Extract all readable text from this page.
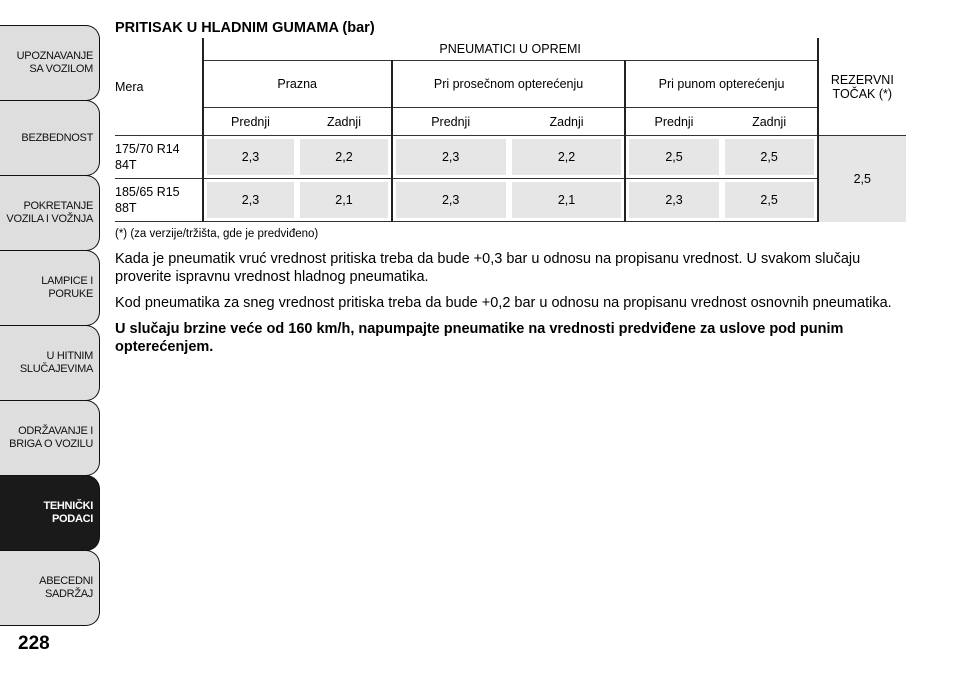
UPOZNAVANJE SA VOZILOM
BEZBEDNOST
POKRETANJE VOZILA I VOŽNJA
LAMPICE I PORUKE
U HITNIM SLUČAJEVIMA
ODRŽAVANJE I BRIGA O VOZILU
TEHNIČKI PODACI
ABECEDNI SADRŽAJ
228
PRITISAK U HLADNIM GUMAMA (bar)
Mera	PNEUMATICI U OPREMI						REZERVNI TOČAK (*)
	Prazna		Pri prosečnom opterećenju		Pri punom opterećenju		
	Prednji	Zadnji	Prednji	Zadnji	Prednji	Zadnji	
175/70 R14
84T	2,3	2,2	2,3	2,2	2,5	2,5	2,5
185/65 R15
88T	2,3	2,1	2,3	2,1	2,3	2,5	
(*) (za verzije/tržišta, gde je predviđeno)

Kada je pneumatik vruć vrednost pritiska treba da bude +0,3 bar u odnosu na propisanu vrednost. U svakom slučaju proverite ispravnu vrednost hladnog pneumatika.

Kod pneumatika za sneg vrednost pritiska treba da bude +0,2 bar u odnosu na propisanu vrednost osnovnih pneumatika.

U slučaju brzine veće od 160 km/h, napumpajte pneumatike na vrednosti predviđene za uslove pod punim opterećenjem.
